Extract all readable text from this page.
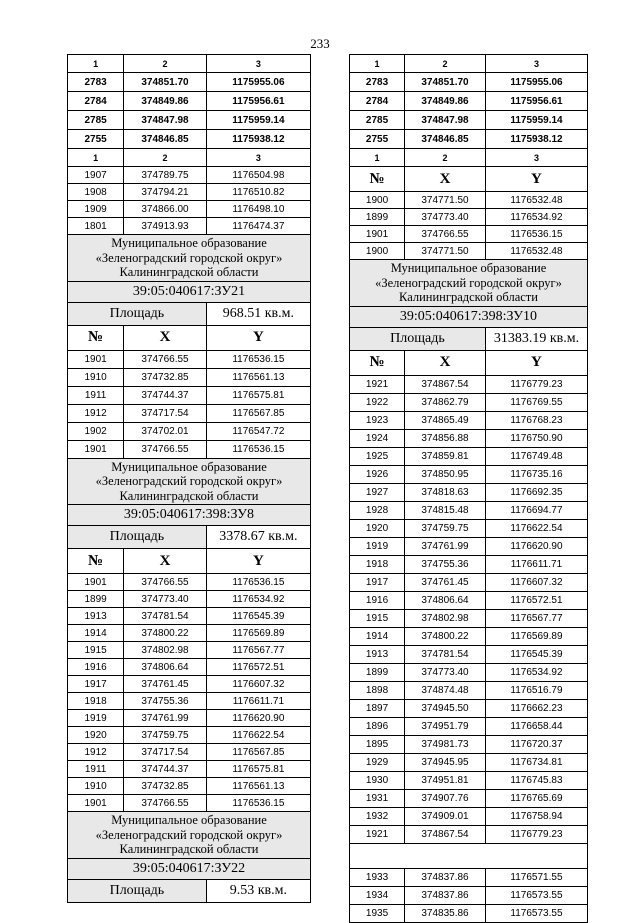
233
1	2	3
2783	374851.70	1175955.06
2784	374849.86	1175956.61
2785	374847.98	1175959.14
2755	374846.85	1175938.12
1	2	3
1907	374789.75	1176504.98
1908	374794.21	1176510.82
1909	374866.00	1176498.10
1801	374913.93	1176474.37

Муниципальное образование
«Зеленоградский городской округ»
Калининградской области		

39:05:040617:ЗУ21		
Площадь		968.51 кв.м.
№	X	Y
1901	374766.55	1176536.15
1910	374732.85	1176561.13
1911	374744.37	1176575.81
1912	374717.54	1176567.85
1902	374702.01	1176547.72
1901	374766.55	1176536.15

Муниципальное образование
«Зеленоградский городской округ»
Калининградской области		

39:05:040617:398:ЗУ8		
Площадь		3378.67 кв.м.
№	X	Y
1901	374766.55	1176536.15
1899	374773.40	1176534.92
1913	374781.54	1176545.39
1914	374800.22	1176569.89
1915	374802.98	1176567.77
1916	374806.64	1176572.51
1917	374761.45	1176607.32
1918	374755.36	1176611.71
1919	374761.99	1176620.90
1920	374759.75	1176622.54
1912	374717.54	1176567.85
1911	374744.37	1176575.81
1910	374732.85	1176561.13
1901	374766.55	1176536.15

Муниципальное образование
«Зеленоградский городской округ»
Калининградской области		

39:05:040617:ЗУ22		
Площадь		9.53 кв.м.
1	2	3
2783	374851.70	1175955.06
2784	374849.86	1175956.61
2785	374847.98	1175959.14
2755	374846.85	1175938.12
1	2	3
№	X	Y
1900	374771.50	1176532.48
1899	374773.40	1176534.92
1901	374766.55	1176536.15
1900	374771.50	1176532.48

Муниципальное образование
«Зеленоградский городской округ»
Калининградской области		

39:05:040617:398:ЗУ10		
Площадь		31383.19 кв.м.
№	X	Y
1921	374867.54	1176779.23
1922	374862.79	1176769.55
1923	374865.49	1176768.23
1924	374856.88	1176750.90
1925	374859.81	1176749.48
1926	374850.95	1176735.16
1927	374818.63	1176692.35
1928	374815.48	1176694.77
1920	374759.75	1176622.54
1919	374761.99	1176620.90
1918	374755.36	1176611.71
1917	374761.45	1176607.32
1916	374806.64	1176572.51
1915	374802.98	1176567.77
1914	374800.22	1176569.89
1913	374781.54	1176545.39
1899	374773.40	1176534.92
1898	374874.48	1176516.79
1897	374945.50	1176662.23
1896	374951.79	1176658.44
1895	374981.73	1176720.37
1929	374945.95	1176734.81
1930	374951.81	1176745.83
1931	374907.76	1176765.69
1932	374909.01	1176758.94
1921	374867.54	1176779.23

1933	374837.86	1176571.55
1934	374837.86	1176573.55
1935	374835.86	1176573.55
